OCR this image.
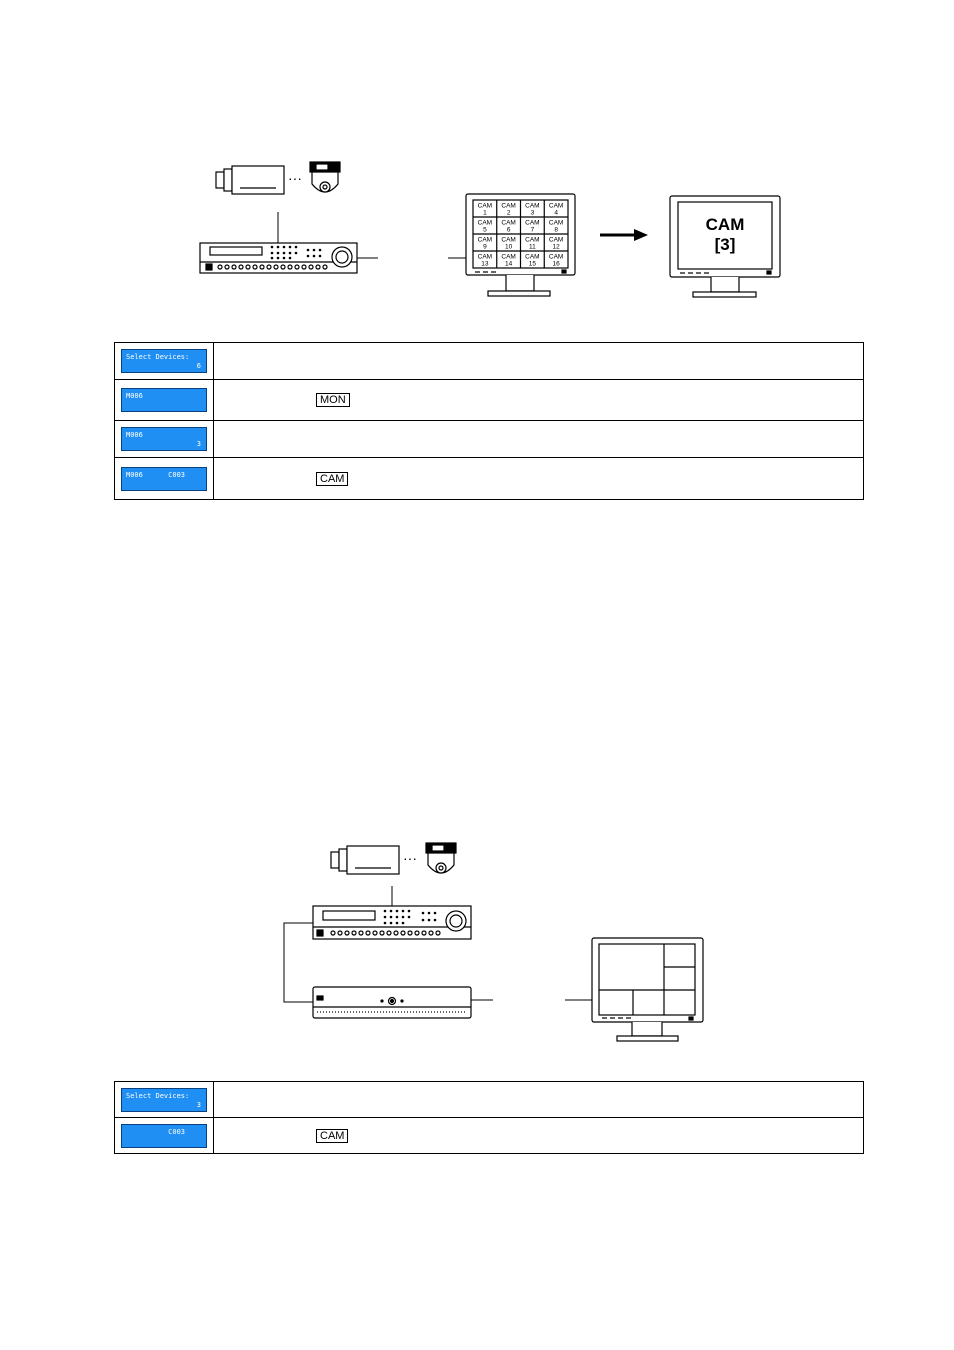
···
CAM
1
CAM
2
CAM
3
CAM
4
CAM
5
CAM
6
CAM
7
CAM
8
CAM
9
CAM
10
CAM
11
CAM
12
CAM
13
CAM
14
CAM
15
CAM
16
CAM
[3]
Select Devices:
6	

M006	MON

M006
3	

M006      C003	CAM
···
Select Devices:
3	

C003	CAM
